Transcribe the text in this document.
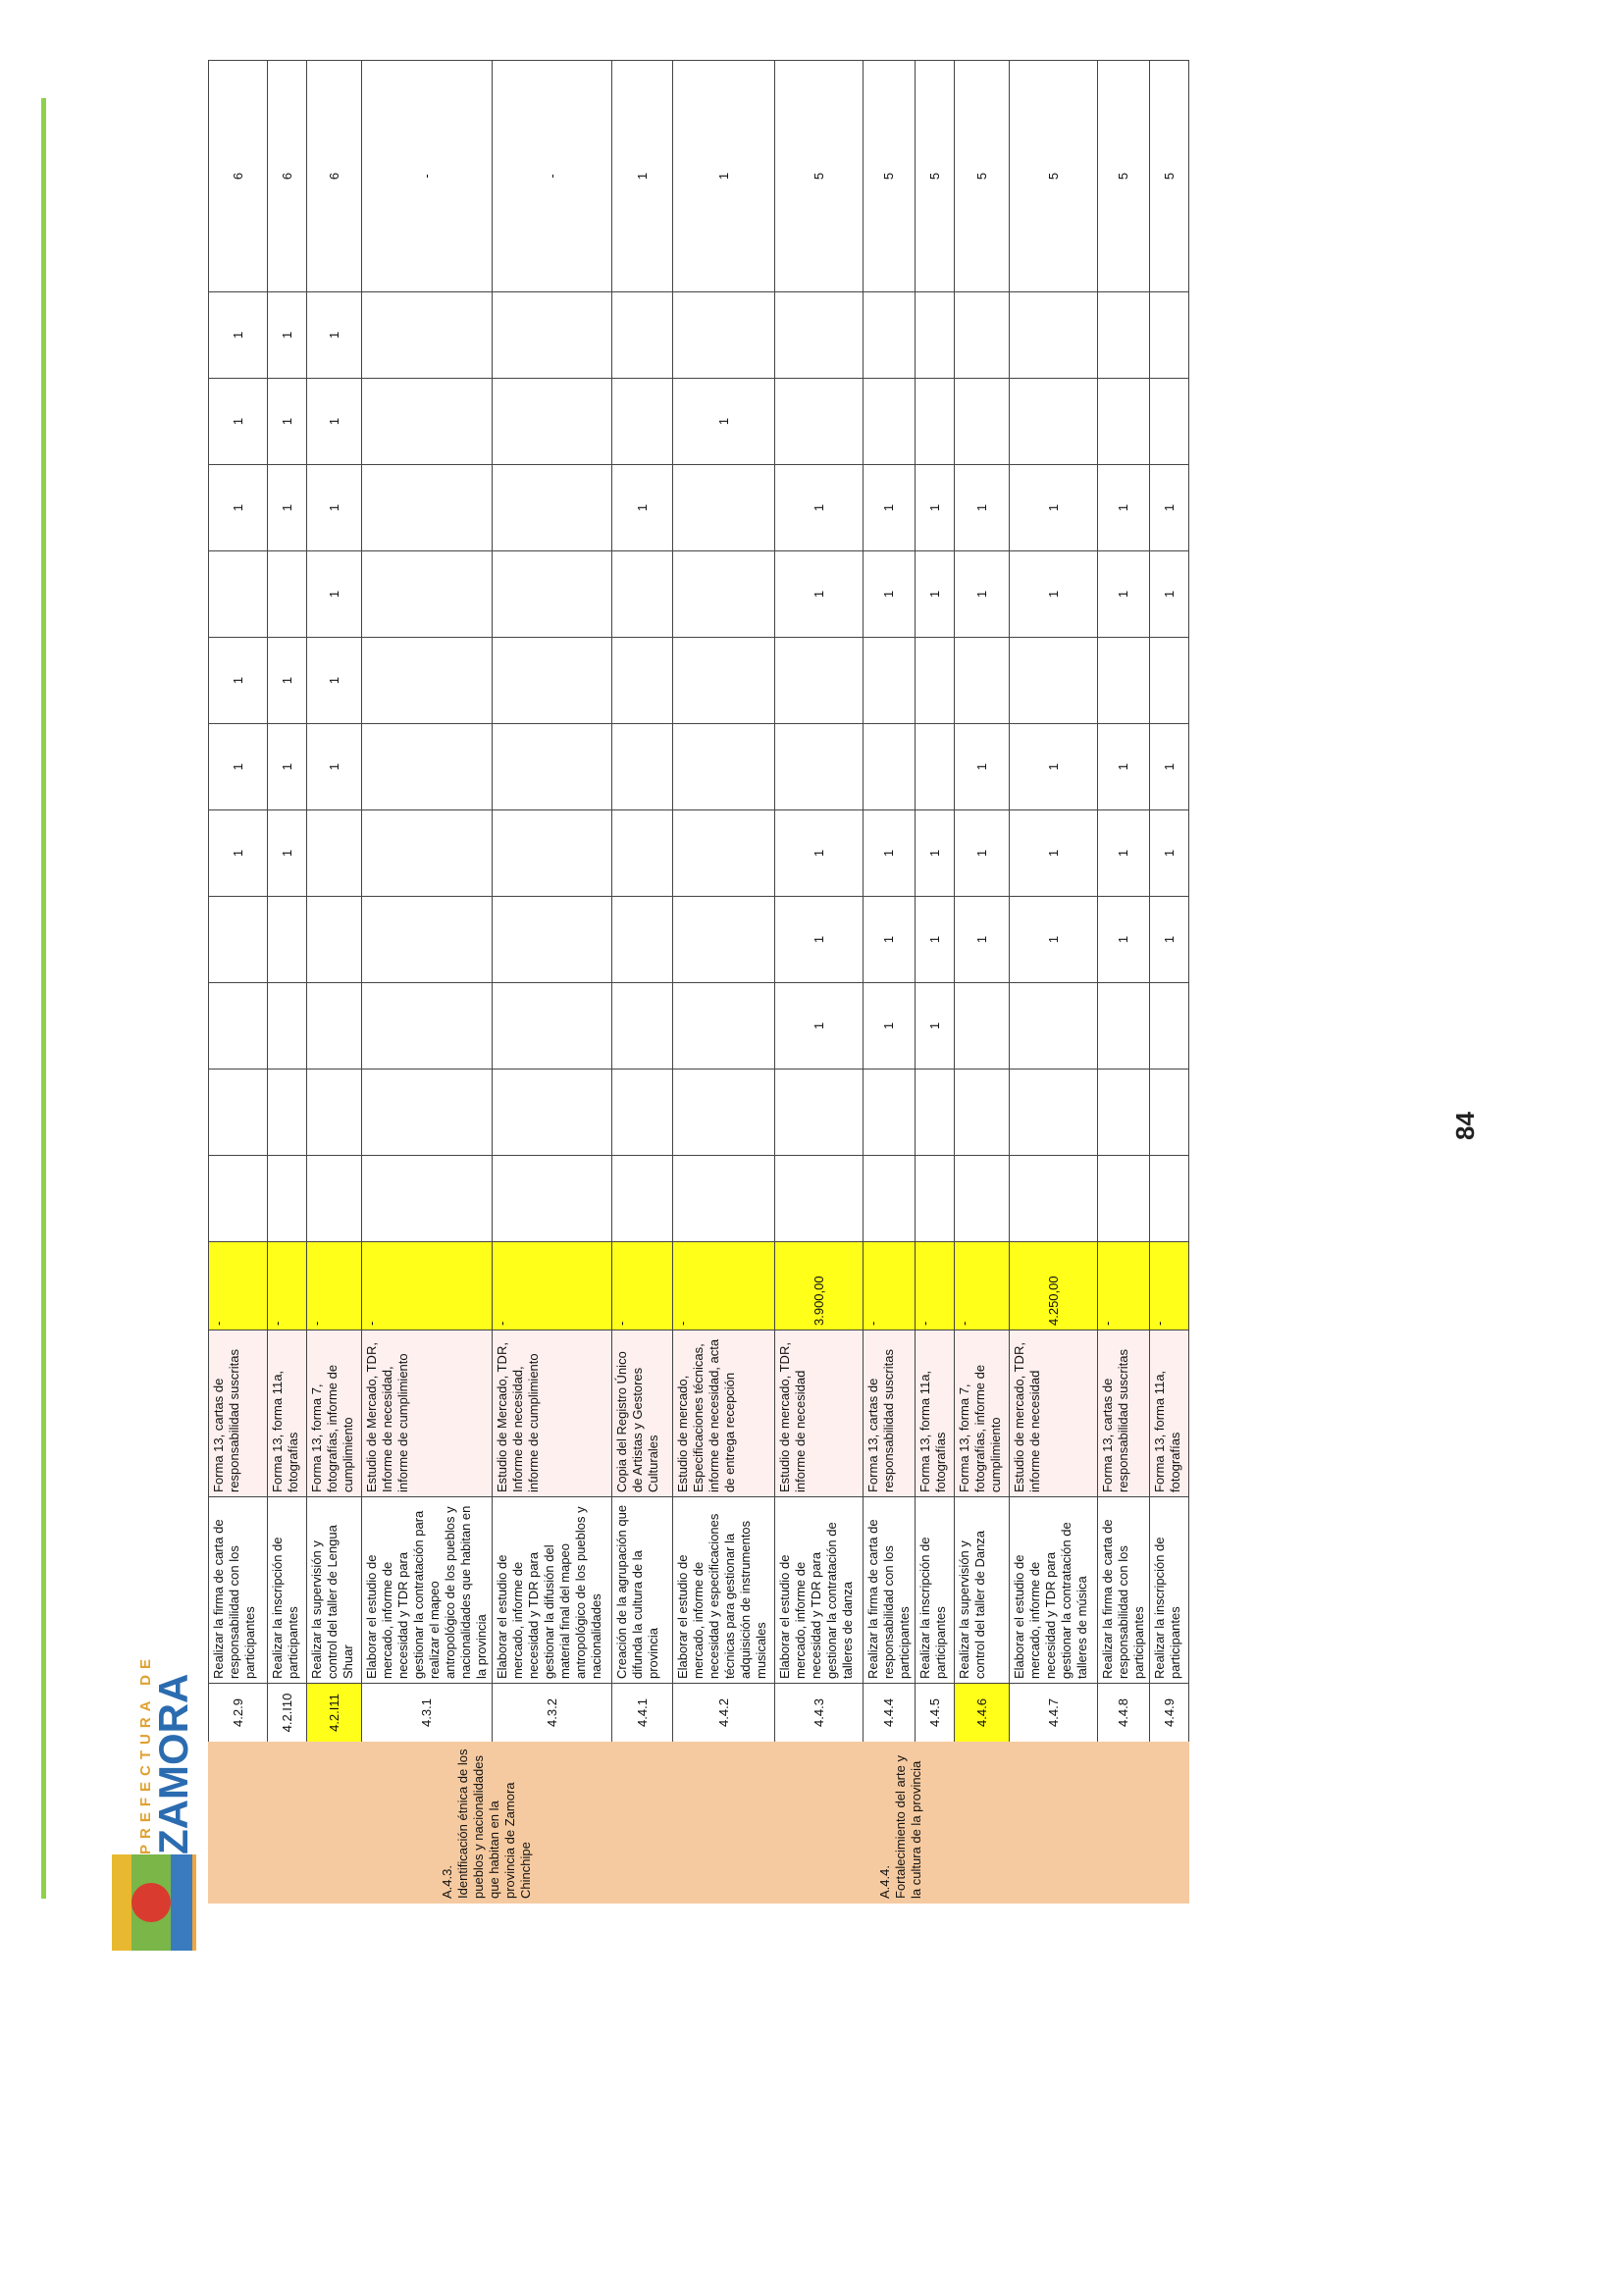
PREFECTURA DE
ZAMORA
84
	4.2.9	Realizar la firma de carta de responsabilidad con los participantes	Forma 13, cartas de responsabilidad suscritas	-					1	1	1		1	1	1	6
	4.2.I10	Realizar la inscripción de participantes	Forma 13, forma 11a, fotografías	-					1	1	1		1	1	1	6
	4.2.I11	Realizar la supervisión y control del taller de Lengua Shuar	Forma 13, forma 7, fotografías, informe de cumplimiento	-						1	1	1	1	1	1	6
A.4.3.
Identificación étnica de los pueblos y nacionalidades que habitan en la provincia de Zamora Chinchipe	4.3.1	Elaborar el estudio de mercado, informe de necesidad y TDR para gestionar la contratación para realizar el mapeo antropológico de los pueblos y nacionalidades que habitan en la provincia	Estudio de Mercado, TDR, Informe de necesidad, informe de cumplimiento	-												-
	4.3.2	Elaborar el estudio de mercado, informe de necesidad y TDR para gestionar la difusión del material final del mapeo antropológico de los pueblos y nacionalidades	Estudio de Mercado, TDR, Informe de necesidad, informe de cumplimiento	-												-
A.4.4.
Fortalecimiento del arte y la cultura de la provincia	4.4.1	Creación de la agrupación que difunda la cultura de la provincia	Copia del Registro Único de Artistas y Gestores Culturales	-									1			1
	4.4.2	Elaborar el estudio de mercado, informe de necesidad y especificaciones técnicas para gestionar la adquisición de instrumentos musicales	Estudio de mercado, Especificaciones técnicas, informe de necesidad, acta de entrega recepción	-										1		1
	4.4.3	Elaborar el estudio de mercado, informe de necesidad y TDR para gestionar la contratación de talleres de danza	Estudio de mercado, TDR, informe de necesidad	3.900,00			1	1	1			1	1			5
	4.4.4	Realizar la firma de carta de responsabilidad con los participantes	Forma 13, cartas de responsabilidad suscritas	-			1	1	1			1	1			5
	4.4.5	Realizar la inscripción de participantes	Forma 13, forma 11a, fotografías	-			1	1	1			1	1			5
	4.4.6	Realizar la supervisión y control del taller de Danza	Forma 13, forma 7, fotografías, informe de cumplimiento	-				1	1	1		1	1			5
	4.4.7	Elaborar el estudio de mercado, informe de necesidad y TDR para gestionar la contratación de talleres de música	Estudio de mercado, TDR, informe de necesidad	4.250,00				1	1	1		1	1			5
	4.4.8	Realizar la firma de carta de responsabilidad con los participantes	Forma 13, cartas de responsabilidad suscritas	-				1	1	1		1	1			5
	4.4.9	Realizar la inscripción de participantes	Forma 13, forma 11a, fotografías	-				1	1	1		1	1			5
